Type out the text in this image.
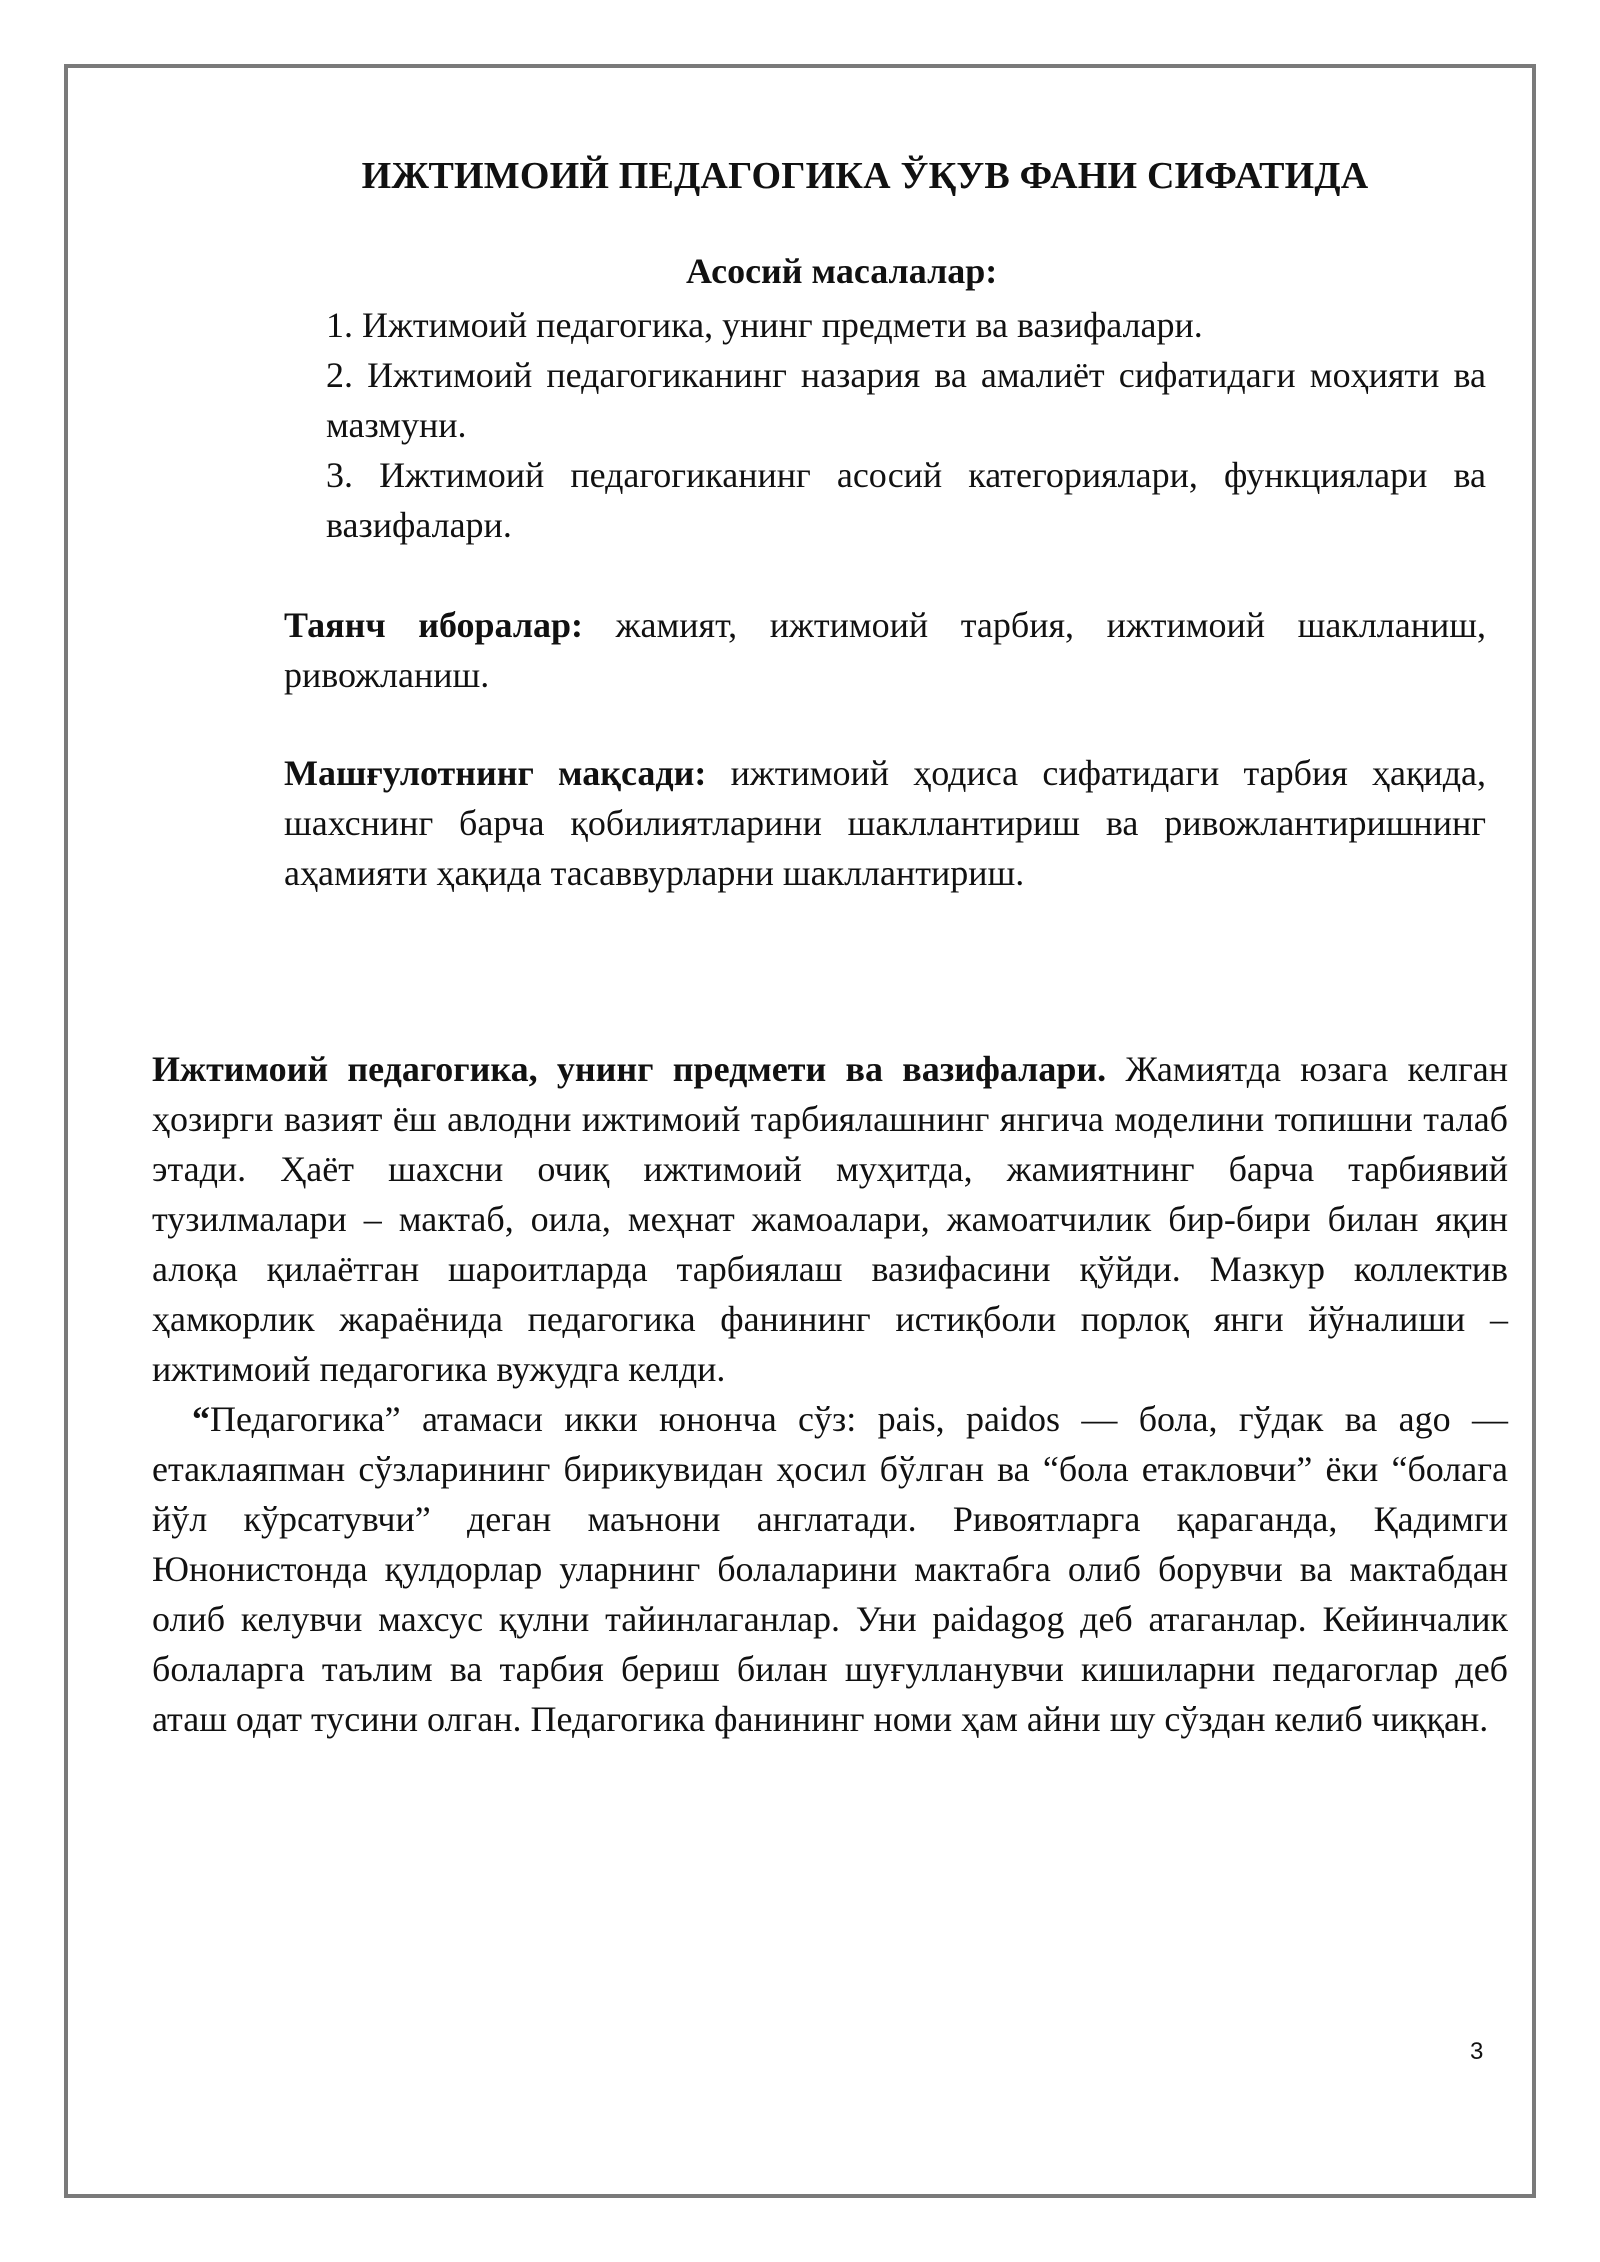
ИЖТИМОИЙ ПЕДАГОГИКА ЎҚУВ ФАНИ СИФАТИДА
Асосий масалалар:
1. Ижтимоий педагогика, унинг предмети ва вазифалари.
2. Ижтимоий педагогиканинг назария ва амалиёт сифатидаги моҳияти ва мазмуни.
3. Ижтимоий педагогиканинг асосий категориялари, функциялари ва вазифалари.

Таянч иборалар: жамият, ижтимоий тарбия, ижтимоий шаклланиш, ривожланиш.

Машғулотнинг мақсади: ижтимоий ҳодиса сифатидаги тарбия ҳақида, шахснинг барча қобилиятларини шакллантириш ва ривожлантиришнинг аҳамияти ҳақида тасаввурларни шакллантириш.

Ижтимоий педагогика, унинг предмети ва вазифалари. Жамиятда юзага келган ҳозирги вазият ёш авлодни ижтимоий тарбиялашнинг янгича моделини топишни талаб этади. Ҳаёт шахсни очиқ ижтимоий муҳитда, жамиятнинг барча тарбиявий тузилмалари – мактаб, оила, меҳнат жамоалари, жамоатчилик бир-бири билан яқин алоқа қилаётган шароитларда тарбиялаш вазифасини қўйди. Мазкур коллектив ҳамкорлик жараёнида педагогика фанининг истиқболи порлоқ янги йўналиши – ижтимоий педагогика вужудга келди.

“Педагогика” атамаси икки юнонча сўз: pais, paidos — бола, гўдак ва ago — етаклаяпман сўзларининг бирикувидан ҳосил бўлган ва “бола етакловчи” ёки “болага йўл кўрсатувчи” деган маънони англатади. Ривоятларга қараганда, Қадимги Юнонистонда қулдорлар уларнинг болаларини мактабга олиб борувчи ва мактабдан олиб келувчи махсус қулни тайинлаганлар. Уни paidagog деб атаганлар. Кейинчалик болаларга таълим ва тарбия бериш билан шуғулланувчи кишиларни педагоглар деб аташ одат тусини олган. Педагогика фанининг номи ҳам айни шу сўздан келиб чиққан.

3
